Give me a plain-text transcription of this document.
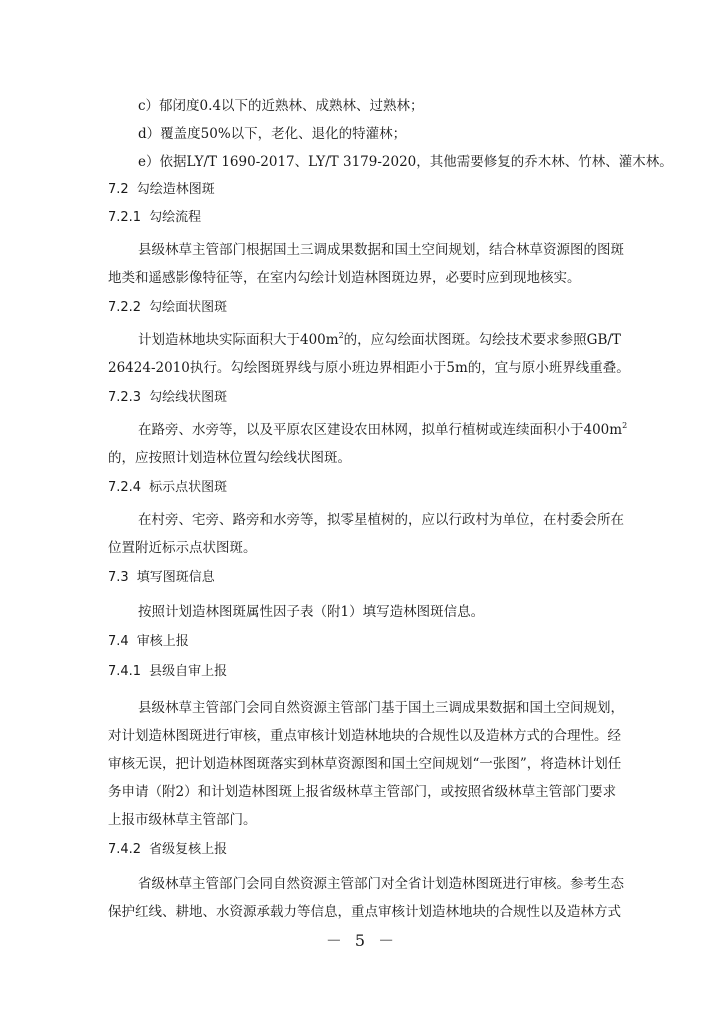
c）郁闭度0.4以下的近熟林、成熟林、过熟林；
d）覆盖度50%以下，老化、退化的特灌林；
e）依据LY/T 1690-2017、LY/T 3179-2020，其他需要修复的乔木林、竹林、灌木林。
7.2 勾绘造林图斑
7.2.1 勾绘流程
县级林草主管部门根据国土三调成果数据和国土空间规划，结合林草资源图的图斑
地类和遥感影像特征等，在室内勾绘计划造林图斑边界，必要时应到现地核实。
7.2.2 勾绘面状图斑
计划造林地块实际面积大于$400m^2$的，应勾绘面状图斑。勾绘技术要求参照GB/T
26424-2010执行。勾绘图斑界线与原小班边界相距小于5m的，宜与原小班界线重叠。
7.2.3 勾绘线状图斑
在路旁、水旁等，以及平原农区建设农田林网，拟单行植树或连续面积小于$400m^2$
的，应按照计划造林位置勾绘线状图斑。
7.2.4 标示点状图斑
在村旁、宅旁、路旁和水旁等，拟零星植树的，应以行政村为单位，在村委会所在
位置附近标示点状图斑。
7.3 填写图斑信息
按照计划造林图斑属性因子表（附1）填写造林图斑信息。
7.4 审核上报
7.4.1 县级自审上报
县级林草主管部门会同自然资源主管部门基于国土三调成果数据和国土空间规划，
对计划造林图斑进行审核，重点审核计划造林地块的合规性以及造林方式的合理性。经
审核无误，把计划造林图斑落实到林草资源图和国土空间规划“一张图”，将造林计划任
务申请（附2）和计划造林图斑上报省级林草主管部门，或按照省级林草主管部门要求
上报市级林草主管部门。
7.4.2 省级复核上报
省级林草主管部门会同自然资源主管部门对全省计划造林图斑进行审核。参考生态
保护红线、耕地、水资源承载力等信息，重点审核计划造林地块的合规性以及造林方式
－ 5 －
